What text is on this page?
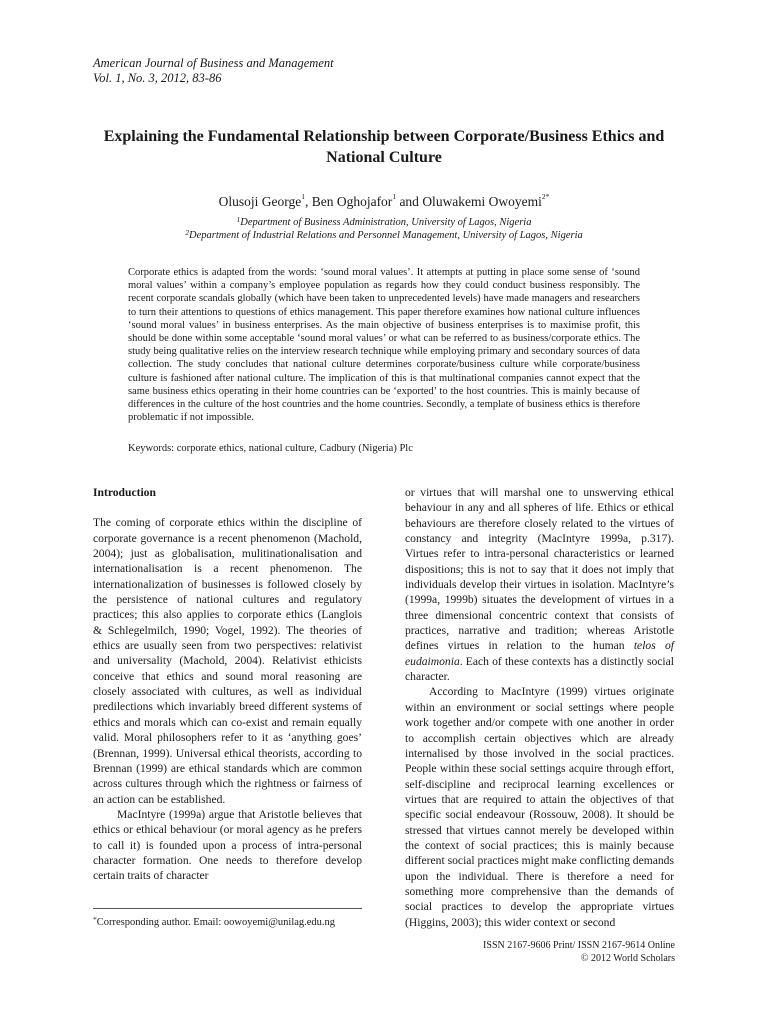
American Journal of Business and Management
Vol. 1, No. 3, 2012, 83-86
Explaining the Fundamental Relationship between Corporate/Business Ethics and National Culture
Olusoji George$^1$, Ben Oghojafor$^1$ and Oluwakemi Owoyemi$^{2*}$
$^1$Department of Business Administration, University of Lagos, Nigeria
$^2$Department of Industrial Relations and Personnel Management, University of Lagos, Nigeria

Corporate ethics is adapted from the words: ‘sound moral values’. It attempts at putting in place some sense of ‘sound moral values’ within a company’s employee population as regards how they could conduct business responsibly. The recent corporate scandals globally (which have been taken to unprecedented levels) have made managers and researchers to turn their attentions to questions of ethics management. This paper therefore examines how national culture influences ‘sound moral values’ in business enterprises. As the main objective of business enterprises is to maximise profit, this should be done within some acceptable ‘sound moral values’ or what can be referred to as business/corporate ethics. The study being qualitative relies on the interview research technique while employing primary and secondary sources of data collection. The study concludes that national culture determines corporate/business culture while corporate/business culture is fashioned after national culture. The implication of this is that multinational companies cannot expect that the same business ethics operating in their home countries can be ‘exported’ to the host countries. This is mainly because of differences in the culture of the host countries and the home countries. Secondly, a template of business ethics is therefore problematic if not impossible.

Keywords: corporate ethics, national culture, Cadbury (Nigeria) Plc

Introduction

The coming of corporate ethics within the discipline of corporate governance is a recent phenomenon (Machold, 2004); just as globalisation, mulitinationalisation and internationalisation is a recent phenomenon. The internationalization of businesses is followed closely by the persistence of national cultures and regulatory practices; this also applies to corporate ethics (Langlois & Schlegelmilch, 1990; Vogel, 1992). The theories of ethics are usually seen from two perspectives: relativist and universality (Machold, 2004). Relativist ethicists conceive that ethics and sound moral reasoning are closely associated with cultures, as well as individual predilections which invariably breed different systems of ethics and morals which can co-exist and remain equally valid. Moral philosophers refer to it as ‘anything goes’ (Brennan, 1999). Universal ethical theorists, according to Brennan (1999) are ethical standards which are common across cultures through which the rightness or fairness of an action can be established.

MacIntyre (1999a) argue that Aristotle believes that ethics or ethical behaviour (or moral agency as he prefers to call it) is founded upon a process of intra-personal character formation. One needs to therefore develop certain traits of character

or virtues that will marshal one to unswerving ethical behaviour in any and all spheres of life. Ethics or ethical behaviours are therefore closely related to the virtues of constancy and integrity (MacIntyre 1999a, p.317). Virtues refer to intra-personal characteristics or learned dispositions; this is not to say that it does not imply that individuals develop their virtues in isolation. MacIntyre’s (1999a, 1999b) situates the development of virtues in a three dimensional concentric context that consists of practices, narrative and tradition; whereas Aristotle defines virtues in relation to the human telos of eudaimonia. Each of these contexts has a distinctly social character.

According to MacIntyre (1999) virtues originate within an environment or social settings where people work together and/or compete with one another in order to accomplish certain objectives which are already internalised by those involved in the social practices. People within these social settings acquire through effort, self-discipline and reciprocal learning excellences or virtues that are required to attain the objectives of that specific social endeavour (Rossouw, 2008). It should be stressed that virtues cannot merely be developed within the context of social practices; this is mainly because different social practices might make conflicting demands upon the individual. There is therefore a need for something more comprehensive than the demands of social practices to develop the appropriate virtues (Higgins, 2003); this wider context or second

*Corresponding author. Email: oowoyemi@unilag.edu.ng
ISSN 2167-9606 Print/ ISSN 2167-9614 Online
© 2012 World Scholars
